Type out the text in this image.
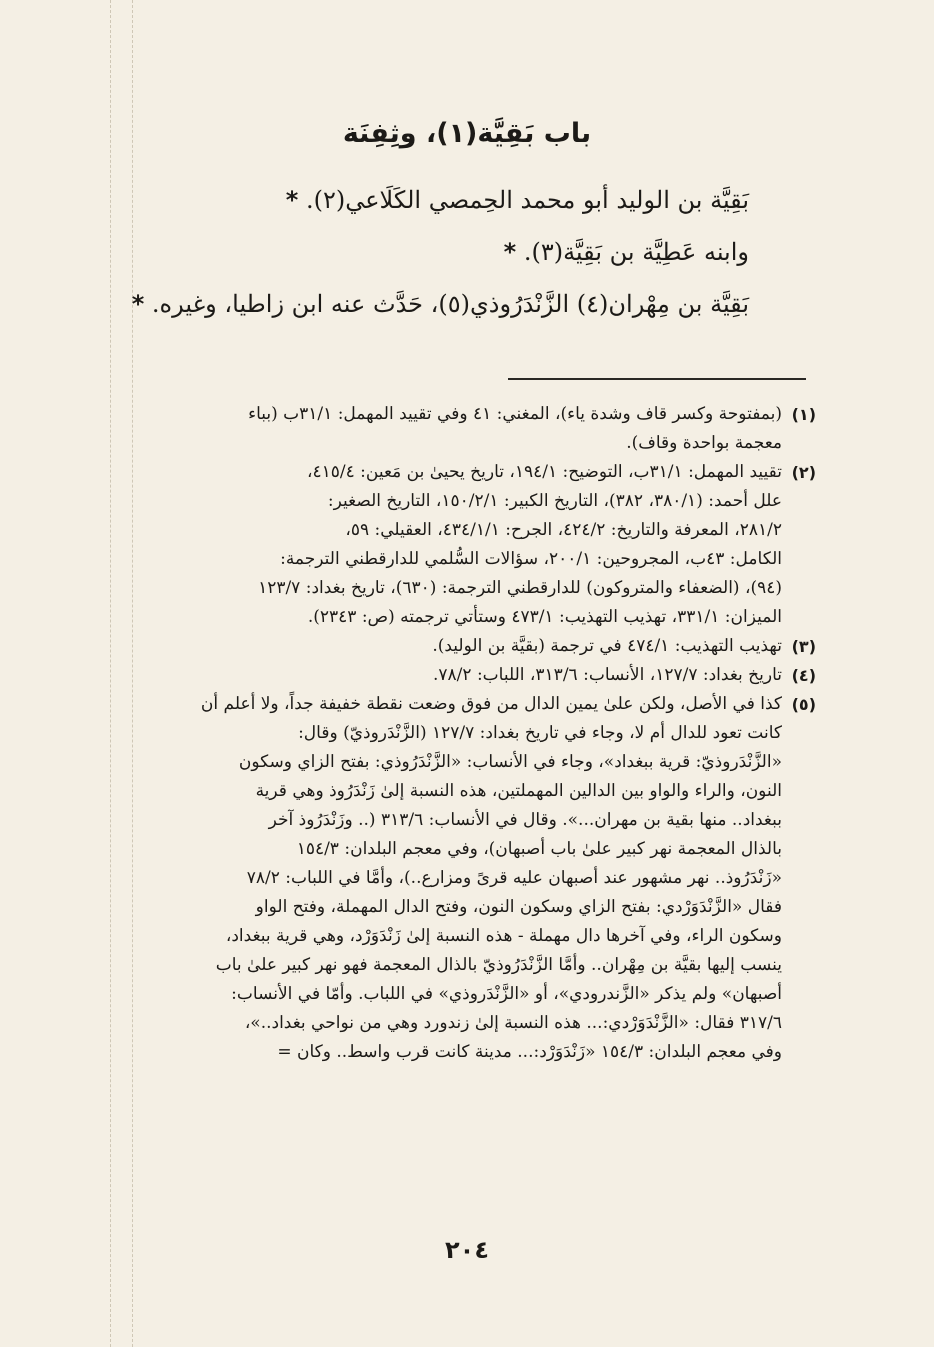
باب بَقِيَّة(١)، وثِفِنَة
بَقِيَّة بن الوليد أبو محمد الحِمصي الكَلَاعي(٢). *
وابنه عَطِيَّة بن بَقِيَّة(٣). *
بَقِيَّة بن مِهْران(٤) الزَّنْدَرُوذي(٥)، حَدَّث عنه ابن زاطيا، وغيره. *
(١)
(بمفتوحة وكسر قاف وشدة ياء)، المغني: ٤١ وفي تقييد المهمل: ٣١/١ب (بباء
معجمة بواحدة وقاف).
(٢)
تقييد المهمل: ٣١/١ب، التوضيح: ١٩٤/١، تاريخ يحيىٰ بن مَعين: ٤١٥/٤،
علل أحمد: (٣٨٠/١، ٣٨٢)، التاريخ الكبير: ١٥٠/٢/١، التاريخ الصغير:
٢٨١/٢، المعرفة والتاريخ: ٤٢٤/٢، الجرح: ٤٣٤/١/١، العقيلي: ٥٩،
الكامل: ٤٣ب، المجروحين: ٢٠٠/١، سؤالات السُّلمي للدارقطني الترجمة:
(٩٤)، (الضعفاء والمتروكون) للدارقطني الترجمة: (٦٣٠)، تاريخ بغداد: ١٢٣/٧
الميزان: ٣٣١/١، تهذيب التهذيب: ٤٧٣/١ وستأتي ترجمته (ص: ٢٣٤٣).
(٣)
تهذيب التهذيب: ٤٧٤/١ في ترجمة (بقيَّة بن الوليد).
(٤)
تاريخ بغداد: ١٢٧/٧، الأنساب: ٣١٣/٦، اللباب: ٧٨/٢.
(٥)
كذا في الأصل، ولكن علىٰ يمين الدال من فوق وضعت نقطة خفيفة جداً، ولا أعلم أن
كانت تعود للدال أم لا، وجاء في تاريخ بغداد: ١٢٧/٧ (الزَّنْدَروذيّ) وقال:
«الزَّنْدَروذيّ: قرية ببغداد»، وجاء في الأنساب: «الزَّنْدَرُوذي: بفتح الزاي وسكون
النون، والراء والواو بين الدالين المهملتين، هذه النسبة إلىٰ زَنْدَرُوذ وهي قرية
ببغداد.. منها بقية بن مهران...». وقال في الأنساب: ٣١٣/٦ (.. وزَنْدَرُوذ آخر
بالذال المعجمة نهر كبير علىٰ باب أصبهان)، وفي معجم البلدان: ١٥٤/٣
«زَنْدَرُوذ.. نهر مشهور عند أصبهان عليه قرىً ومزارع..)، وأمَّا في اللباب: ٧٨/٢
فقال «الزَّنْدَوَرْدي: بفتح الزاي وسكون النون، وفتح الدال المهملة، وفتح الواو
وسكون الراء، وفي آخرها دال مهملة - هذه النسبة إلىٰ زَنْدَوَرْد، وهي قرية ببغداد،
ينسب إليها بقيَّة بن مِهْران.. وأمَّا الزَّنْدَرُوذيّ بالذال المعجمة فهو نهر كبير علىٰ باب
أصبهان» ولم يذكر «الزَّندرودي»، أو «الزَّنْدَروذي» في اللباب. وأمّا في الأنساب:
٣١٧/٦ فقال: «الزَّنْدَوَرْدي:... هذه النسبة إلىٰ زندورد وهي من نواحي بغداد..»،
وفي معجم البلدان: ١٥٤/٣ «زَنْدَوَرْد:... مدينة كانت قرب واسط.. وكان =
٢٠٤
